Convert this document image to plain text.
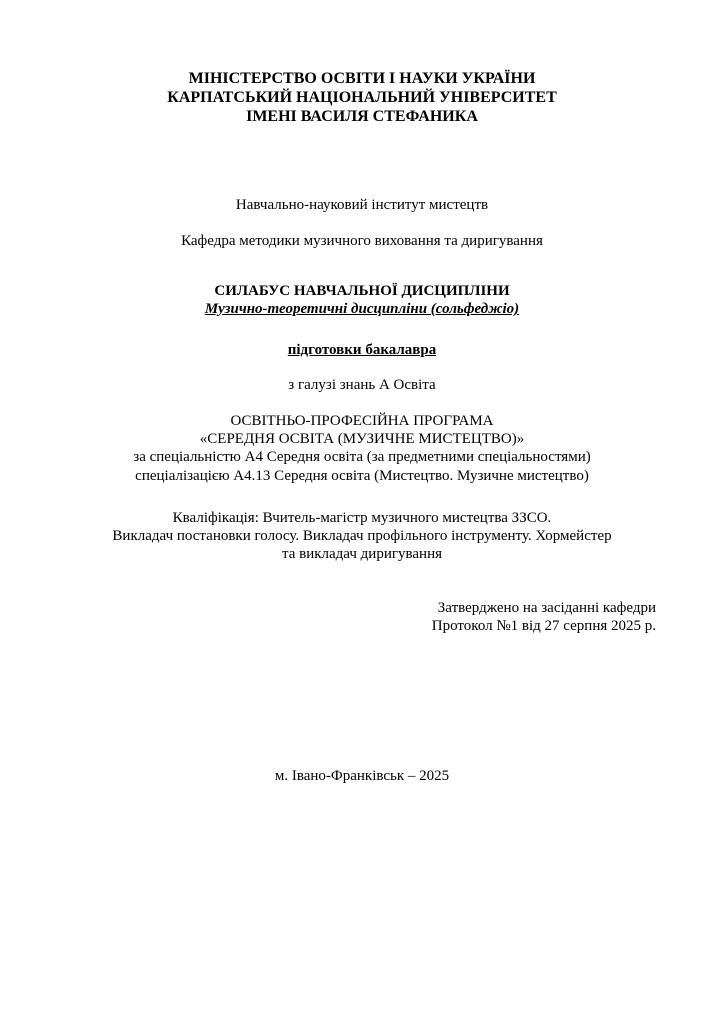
МІНІСТЕРСТВО ОСВІТИ І НАУКИ УКРАЇНИ
КАРПАТСЬКИЙ НАЦІОНАЛЬНИЙ УНІВЕРСИТЕТ
ІМЕНІ ВАСИЛЯ СТЕФАНИКА
Навчально-науковий інститут мистецтв
Кафедра методики музичного виховання та диригування
СИЛАБУС НАВЧАЛЬНОЇ ДИСЦИПЛІНИ
Музично-теоретичні дисципліни (сольфеджіо)
підготовки бакалавра
з галузі знань А Освіта
ОСВІТНЬО-ПРОФЕСІЙНА ПРОГРАМА
«СЕРЕДНЯ ОСВІТА (МУЗИЧНЕ МИСТЕЦТВО)»
за спеціальністю А4 Середня освіта (за предметними спеціальностями)
спеціалізацією А4.13 Середня освіта (Мистецтво. Музичне мистецтво)
Кваліфікація: Вчитель-магістр музичного мистецтва ЗЗСО.
Викладач постановки голосу. Викладач профільного інструменту. Хормейстер
та викладач диригування
Затверджено на засіданні кафедри
Протокол №1 від 27 серпня 2025 р.
м. Івано-Франківськ – 2025
